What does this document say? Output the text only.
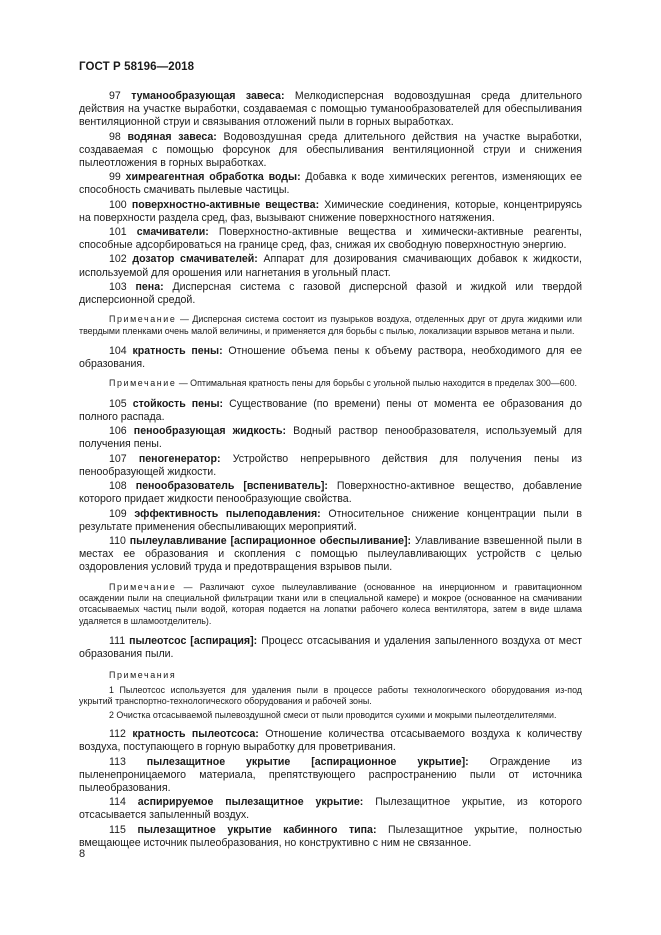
ГОСТ Р 58196—2018

97 туманообразующая завеса: Мелкодисперсная водовоздушная среда длительного действия на участке выработки, создаваемая с помощью туманообразователей для обеспыливания вентиляционной струи и связывания отложений пыли в горных выработках.

98 водяная завеса: Водовоздушная среда длительного действия на участке выработки, создаваемая с помощью форсунок для обеспыливания вентиляционной струи и снижения пылеотложения в горных выработках.

99 химреагентная обработка воды: Добавка к воде химических регентов, изменяющих ее способность смачивать пылевые частицы.

100 поверхностно-активные вещества: Химические соединения, которые, концентрируясь на поверхности раздела сред, фаз, вызывают снижение поверхностного натяжения.

101 смачиватели: Поверхностно-активные вещества и химически-активные реагенты, способные адсорбироваться на границе сред, фаз, снижая их свободную поверхностную энергию.

102 дозатор смачивателей: Аппарат для дозирования смачивающих добавок к жидкости, используемой для орошения или нагнетания в угольный пласт.

103 пена: Дисперсная система с газовой дисперсной фазой и жидкой или твердой дисперсионной средой.

Примечание — Дисперсная система состоит из пузырьков воздуха, отделенных друг от друга жидкими или твердыми пленками очень малой величины, и применяется для борьбы с пылью, локализации взрывов метана и пыли.

104 кратность пены: Отношение объема пены к объему раствора, необходимого для ее образования.

Примечание — Оптимальная кратность пены для борьбы с угольной пылью находится в пределах 300—600.

105 стойкость пены: Существование (по времени) пены от момента ее образования до полного распада.

106 пенообразующая жидкость: Водный раствор пенообразователя, используемый для получения пены.

107 пеногенератор: Устройство непрерывного действия для получения пены из пенообразующей жидкости.

108 пенообразователь [вспениватель]: Поверхностно-активное вещество, добавление которого придает жидкости пенообразующие свойства.

109 эффективность пылеподавления: Относительное снижение концентрации пыли в результате применения обеспыливающих мероприятий.

110 пылеулавливание [аспирационное обеспыливание]: Улавливание взвешенной пыли в местах ее образования и скопления с помощью пылеулавливающих устройств с целью оздоровления условий труда и предотвращения взрывов пыли.

Примечание — Различают сухое пылеулавливание (основанное на инерционном и гравитационном осаждении пыли на специальной фильтрации ткани или в специальной камере) и мокрое (основанное на смачивании отсасываемых частиц пыли водой, которая подается на лопатки рабочего колеса вентилятора, затем в виде шлама удаляется в шламоотделитель).

111 пылеотсос [аспирация]: Процесс отсасывания и удаления запыленного воздуха от мест образования пыли.

Примечания

1 Пылеотсос используется для удаления пыли в процессе работы технологического оборудования из-под укрытий транспортно-технологического оборудования и рабочей зоны.

2 Очистка отсасываемой пылевоздушной смеси от пыли проводится сухими и мокрыми пылеотделителями.

112 кратность пылеотсоса: Отношение количества отсасываемого воздуха к количеству воздуха, поступающего в горную выработку для проветривания.

113 пылезащитное укрытие [аспирационное укрытие]: Ограждение из пыленепроницаемого материала, препятствующего распространению пыли от источника пылеобразования.

114 аспирируемое пылезащитное укрытие: Пылезащитное укрытие, из которого отсасывается запыленный воздух.

115 пылезащитное укрытие кабинного типа: Пылезащитное укрытие, полностью вмещающее источник пылеобразования, но конструктивно с ним не связанное.

8
